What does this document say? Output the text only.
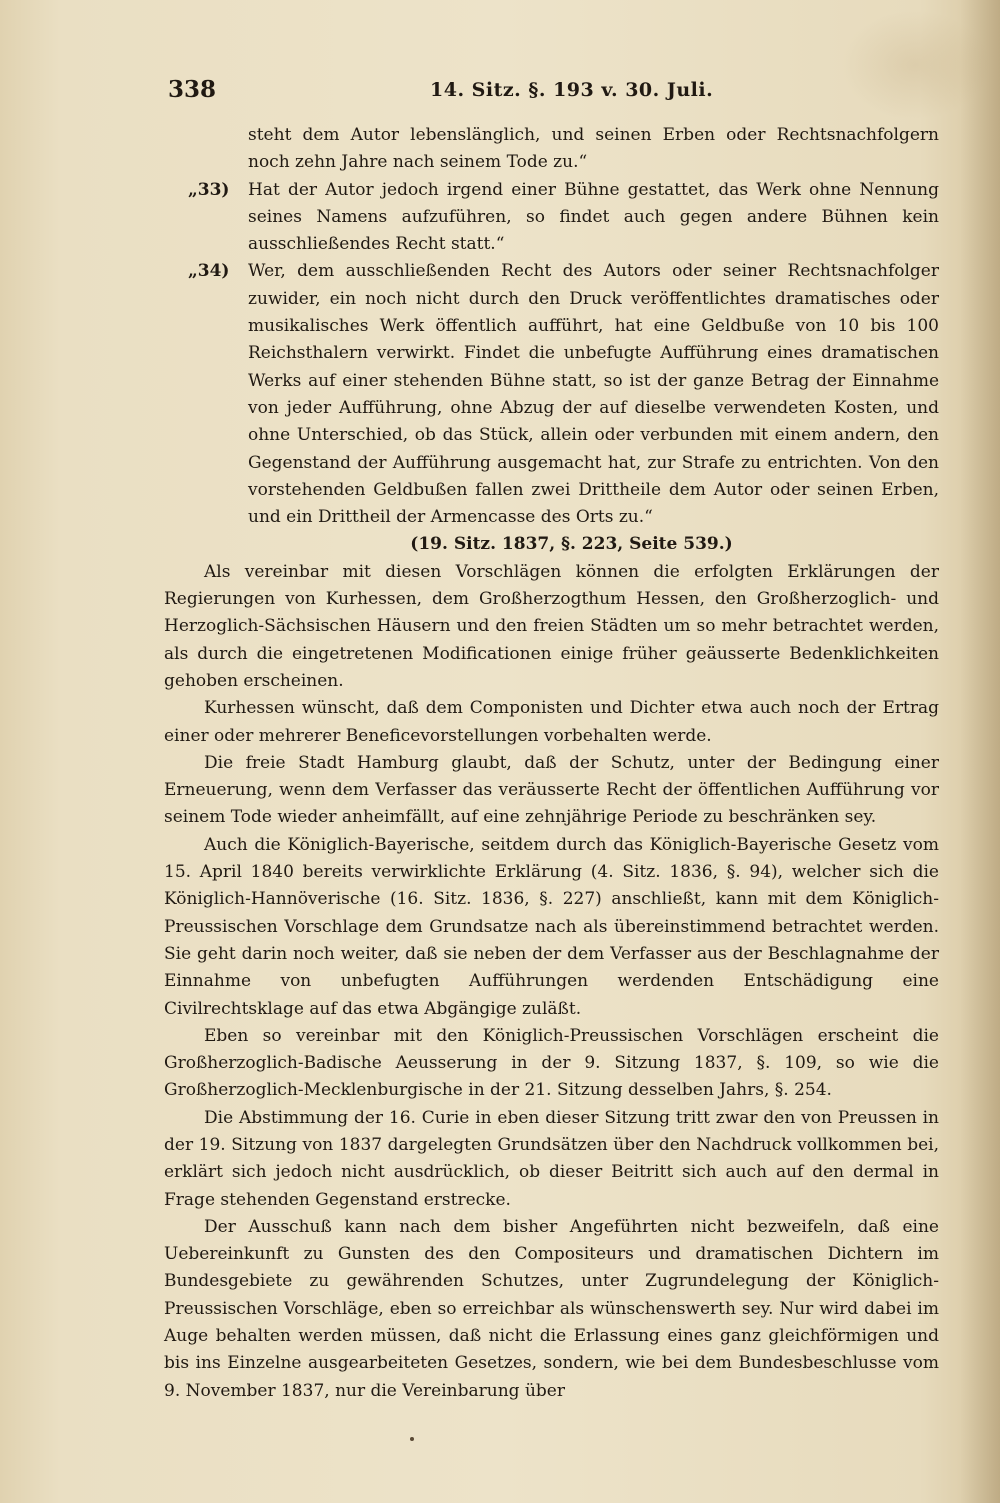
338	14. Sitz. §. 193 v. 30. Juli.

steht dem Autor lebenslänglich, und seinen Erben oder Rechtsnachfolgern noch zehn Jahre nach seinem Tode zu.“

„33) Hat der Autor jedoch irgend einer Bühne gestattet, das Werk ohne Nennung seines Namens aufzuführen, so findet auch gegen andere Bühnen kein ausschließendes Recht statt.“

„34) Wer, dem ausschließenden Recht des Autors oder seiner Rechtsnachfolger zuwider, ein noch nicht durch den Druck veröffentlichtes dramatisches oder musikalisches Werk öffentlich aufführt, hat eine Geldbuße von 10 bis 100 Reichsthalern verwirkt. Findet die unbefugte Aufführung eines dramatischen Werks auf einer stehenden Bühne statt, so ist der ganze Betrag der Einnahme von jeder Aufführung, ohne Abzug der auf dieselbe verwendeten Kosten, und ohne Unterschied, ob das Stück, allein oder verbunden mit einem andern, den Gegenstand der Aufführung ausgemacht hat, zur Strafe zu entrichten. Von den vorstehenden Geldbußen fallen zwei Drittheile dem Autor oder seinen Erben, und ein Drittheil der Armencasse des Orts zu.“

(19. Sitz. 1837, §. 223, Seite 539.)

Als vereinbar mit diesen Vorschlägen können die erfolgten Erklärungen der Regierungen von Kurhessen, dem Großherzogthum Hessen, den Großherzoglich- und Herzoglich-Sächsischen Häusern und den freien Städten um so mehr betrachtet werden, als durch die eingetretenen Modificationen einige früher geäusserte Bedenklichkeiten gehoben erscheinen.

Kurhessen wünscht, daß dem Componisten und Dichter etwa auch noch der Ertrag einer oder mehrerer Beneficevorstellungen vorbehalten werde.

Die freie Stadt Hamburg glaubt, daß der Schutz, unter der Bedingung einer Erneuerung, wenn dem Verfasser das veräusserte Recht der öffentlichen Aufführung vor seinem Tode wieder anheimfällt, auf eine zehnjährige Periode zu beschränken sey.

Auch die Königlich-Bayerische, seitdem durch das Königlich-Bayerische Gesetz vom 15. April 1840 bereits verwirklichte Erklärung (4. Sitz. 1836, §. 94), welcher sich die Königlich-Hannöverische (16. Sitz. 1836, §. 227) anschließt, kann mit dem Königlich-Preussischen Vorschlage dem Grundsatze nach als übereinstimmend betrachtet werden. Sie geht darin noch weiter, daß sie neben der dem Verfasser aus der Beschlagnahme der Einnahme von unbefugten Aufführungen werdenden Entschädigung eine Civilrechtsklage auf das etwa Abgängige zuläßt.

Eben so vereinbar mit den Königlich-Preussischen Vorschlägen erscheint die Großherzoglich-Badische Aeusserung in der 9. Sitzung 1837, §. 109, so wie die Großherzoglich-Mecklenburgische in der 21. Sitzung desselben Jahrs, §. 254.

Die Abstimmung der 16. Curie in eben dieser Sitzung tritt zwar den von Preussen in der 19. Sitzung von 1837 dargelegten Grundsätzen über den Nachdruck vollkommen bei, erklärt sich jedoch nicht ausdrücklich, ob dieser Beitritt sich auch auf den dermal in Frage stehenden Gegenstand erstrecke.

Der Ausschuß kann nach dem bisher Angeführten nicht bezweifeln, daß eine Uebereinkunft zu Gunsten des den Compositeurs und dramatischen Dichtern im Bundesgebiete zu gewährenden Schutzes, unter Zugrundelegung der Königlich-Preussischen Vorschläge, eben so erreichbar als wünschenswerth sey. Nur wird dabei im Auge behalten werden müssen, daß nicht die Erlassung eines ganz gleichförmigen und bis ins Einzelne ausgearbeiteten Gesetzes, sondern, wie bei dem Bundesbeschlusse vom 9. November 1837, nur die Vereinbarung über
